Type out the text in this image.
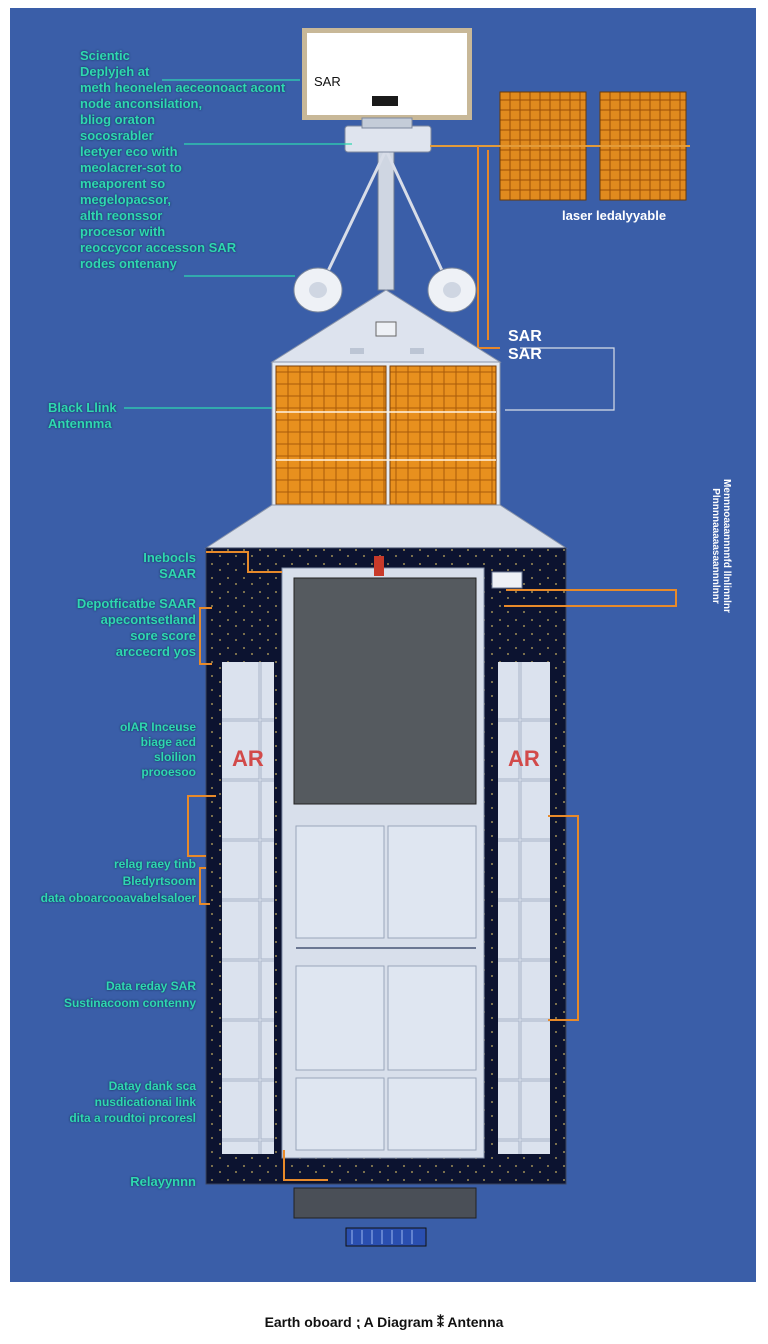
SAR
laser ledalyyable
SAR
SAR
AR	AR
Scientic
Deplyjeh at
meth heonelen aeceonoact acont
node anconsilation,
bliog oraton
socosrabler
leetyer eco with
meolacrer-sot to
meaporent so
megelopacsor,
alth reonssor
procesor with
reoccycor accesson SAR
rodes ontenany
Black Llink
Antennma
Inebocls
SAAR
Depotficatbe SAAR
apecontsetland
sore score
arccecrd yos
oIAR Inceuse
biage acd
sloilion
prooesoo
relag raey tinb
Bledyrtsoom
data oboarcooavabelsaloer
Data reday SAR
Sustinacoom contenny
Datay dank sca
nusdicationai link
dita a roudtoi prcoresl
Relayynnn
Mennnoaaannnnfd llnlinnlnr
Plnnnnaaaaasaannnlnnr
Earth oboard ⁏ A Diagram ⁑ Antenna
